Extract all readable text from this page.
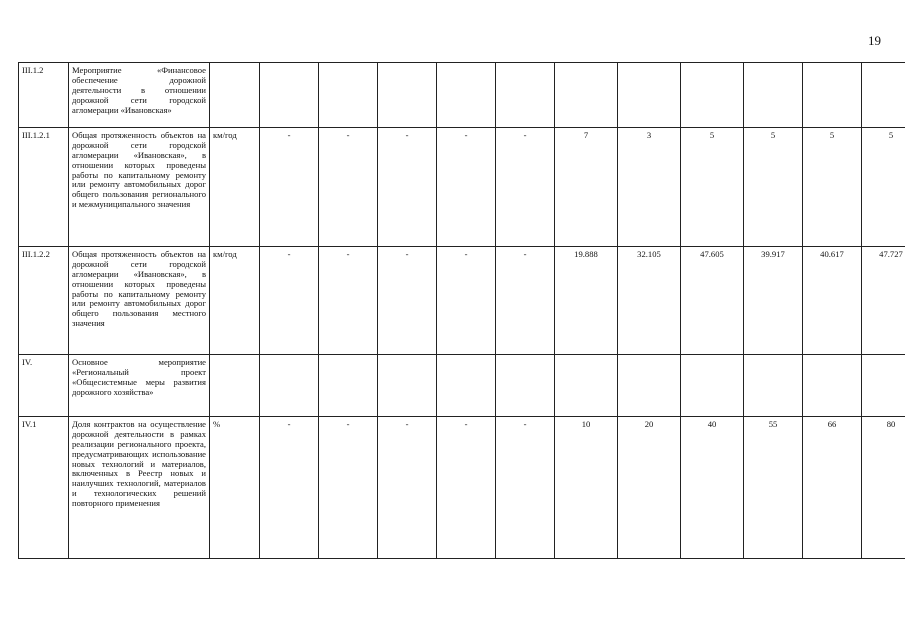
19
III.1.2	Мероприятие «Финансовое обеспечение дорожной деятельности в отношении дорожной сети городской агломерации «Ивановская»												
III.1.2.1	Общая протяженность объектов на дорожной сети городской агломерации «Ивановская», в отношении которых проведены работы по капитальному ремонту или ремонту автомобильных дорог общего пользования регионального и межмуниципального значения	км/год	-	-	-	-	-	7	3	5	5	5	5
III.1.2.2	Общая протяженность объектов на дорожной сети городской агломерации «Ивановская», в отношении которых проведены работы по капитальному ремонту или ремонту автомобильных дорог общего пользования местного значения	км/год	-	-	-	-	-	19.888	32.105	47.605	39.917	40.617	47.727
IV.	Основное мероприятие «Региональный проект «Общесистемные меры развития дорожного хозяйства»												
IV.1	Доля контрактов на осуществление дорожной деятельности в рамках реализации регионального проекта, предусматривающих использование новых технологий и материалов, включенных в Реестр новых и наилучших технологий, материалов и технологических решений повторного применения	%	-	-	-	-	-	10	20	40	55	66	80
